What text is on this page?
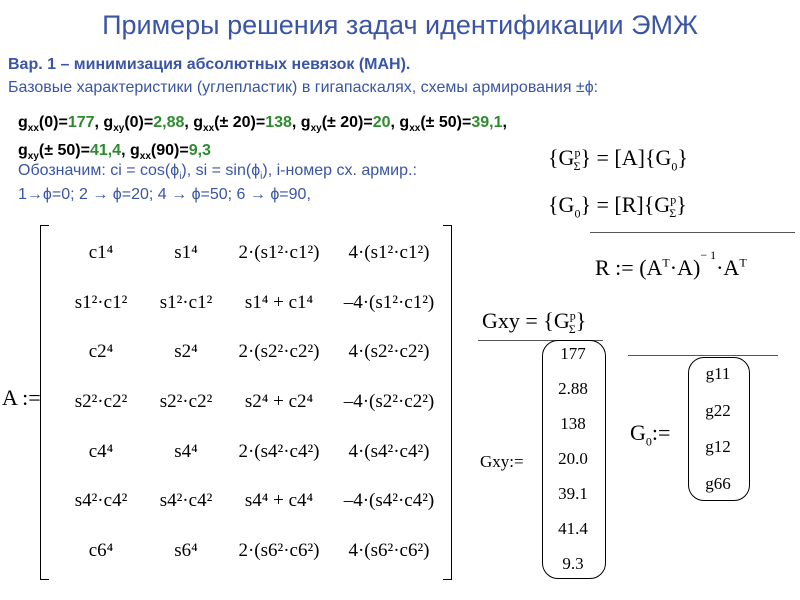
Примеры решения задач идентификации ЭМЖ
Вар. 1 – минимизация абсолютных невязок (МАН).
Базовые характеристики (углепластик) в гигапаскалях, схемы армирования ±ϕ:
$g_{xx}(0)=177$, $g_{xy}(0)=2,88$, $g_{xx}(\pm 20)=138$, $g_{xy}(\pm 20)=20$, $g_{xx}(\pm 50)=39,1$, $g_{xy}(\pm 50)=41,4$, $g_{xx}(90)=9,3$
Обозначим: ci = $\cos(\phi_i)$, si = $\sin(\phi_i)$, i-номер сх. армир.:
1→ϕ=0; 2 → ϕ=20; 4 → ϕ=50; 6 → ϕ=90,
$\{G^p_\Sigma\} = [A]\{G_0\}$
$\{G_0\} = [R]\{G^p_\Sigma\}$
R := $(A^T\cdot A)^{- 1}\cdot A^T$
Gxy = $\{G^p_\Sigma\}$
A :=
c1⁴	s1⁴ 2·(s1²·c1²) 4·(s1²·c1²)
s1²·c1² s1²·c1² s1⁴ + c1⁴ –4·(s1²·c1²)
c2⁴	s2⁴ 2·(s2²·c2²) 4·(s2²·c2²)
s2²·c2² s2²·c2² s2⁴ + c2⁴ –4·(s2²·c2²)
c4⁴	s4⁴ 2·(s4²·c4²) 4·(s4²·c4²)
s4²·c4² s4²·c4² s4⁴ + c4⁴ –4·(s4²·c4²)
c6⁴	s6⁴ 2·(s6²·c6²) 4·(s6²·c6²)
Gxy:=
177
2.88
138
20.0
39.1
41.4
9.3
$G_0:=$
g11
g22
g12
g66
